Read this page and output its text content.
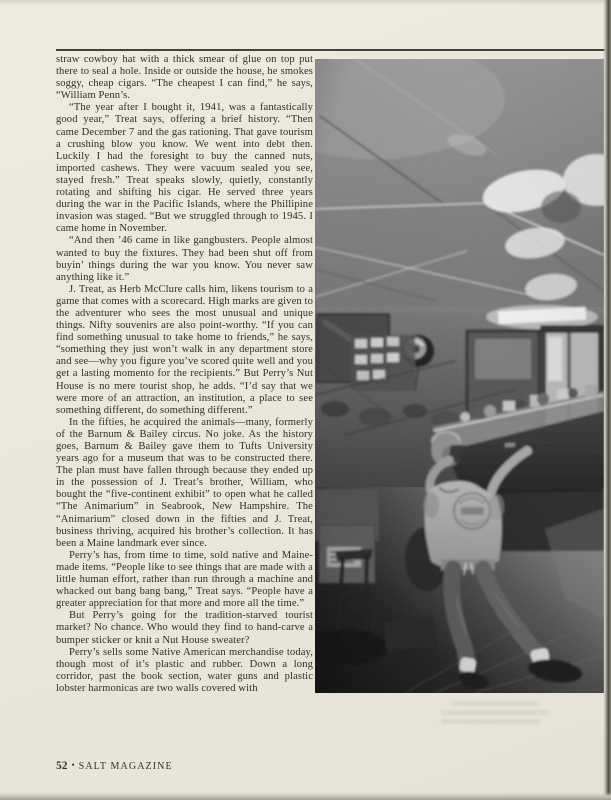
straw cowboy hat with a thick smear of glue on top put there to seal a hole. Inside or outside the house, he smokes soggy, cheap cigars. “The cheapest I can find,” he says, “William Penn’s.

“The year after I bought it, 1941, was a fantastically good year,” Treat says, offering a brief history. “Then came December 7 and the gas rationing. That gave tourism a crushing blow you know. We went into debt then. Luckily I had the foresight to buy the canned nuts, imported cashews. They were vacuum sealed you see, stayed fresh.” Treat speaks slowly, quietly, constantly rotating and shifting his cigar. He served three years during the war in the Pacific Islands, where the Phillipine invasion was staged. “But we struggled through to 1945. I came home in November.

“And then ’46 came in like gangbusters. People almost wanted to buy the fixtures. They had been shut off from buyin’ things during the war you know. You never saw anything like it.”

J. Treat, as Herb McClure calls him, likens tourism to a game that comes with a scorecard. High marks are given to the adventurer who sees the most unusual and unique things. Nifty souvenirs are also point-worthy. “If you can find something unusual to take home to friends,” he says, “something they just won’t walk in any department store and see—why you figure you’ve scored quite well and you get a lasting momento for the recipients.” But Perry’s Nut House is no mere tourist shop, he adds. “I’d say that we were more of an attraction, an institution, a place to see something different, do something different.”

In the fifties, he acquired the animals—many, formerly of the Barnum & Bailey circus. No joke. As the history goes, Barnum & Bailey gave them to Tufts University years ago for a museum that was to be constructed there. The plan must have fallen through because they ended up in the possession of J. Treat’s brother, William, who bought the “five-continent exhibit” to open what he called “The Animarium” in Seabrook, New Hampshire. The “Animarium” closed down in the fifties and J. Treat, business thriving, acquired his brother’s collection. It has been a Maine landmark ever since.

Perry’s has, from time to time, sold native and Maine-made items. “People like to see things that are made with a little human effort, rather than run through a machine and whacked out bang bang bang,” Treat says. “People have a greater appreciation for that more and more all the time.”

But Perry’s going for the tradition-starved tourist market? No chance. Who would they find to hand-carve a bumper sticker or knit a Nut House sweater?

Perry’s sells some Native American merchandise today, though most of it’s plastic and rubber. Down a long corridor, past the book section, water guns and plastic lobster harmonicas are two walls covered with

52 • SALT MAGAZINE
